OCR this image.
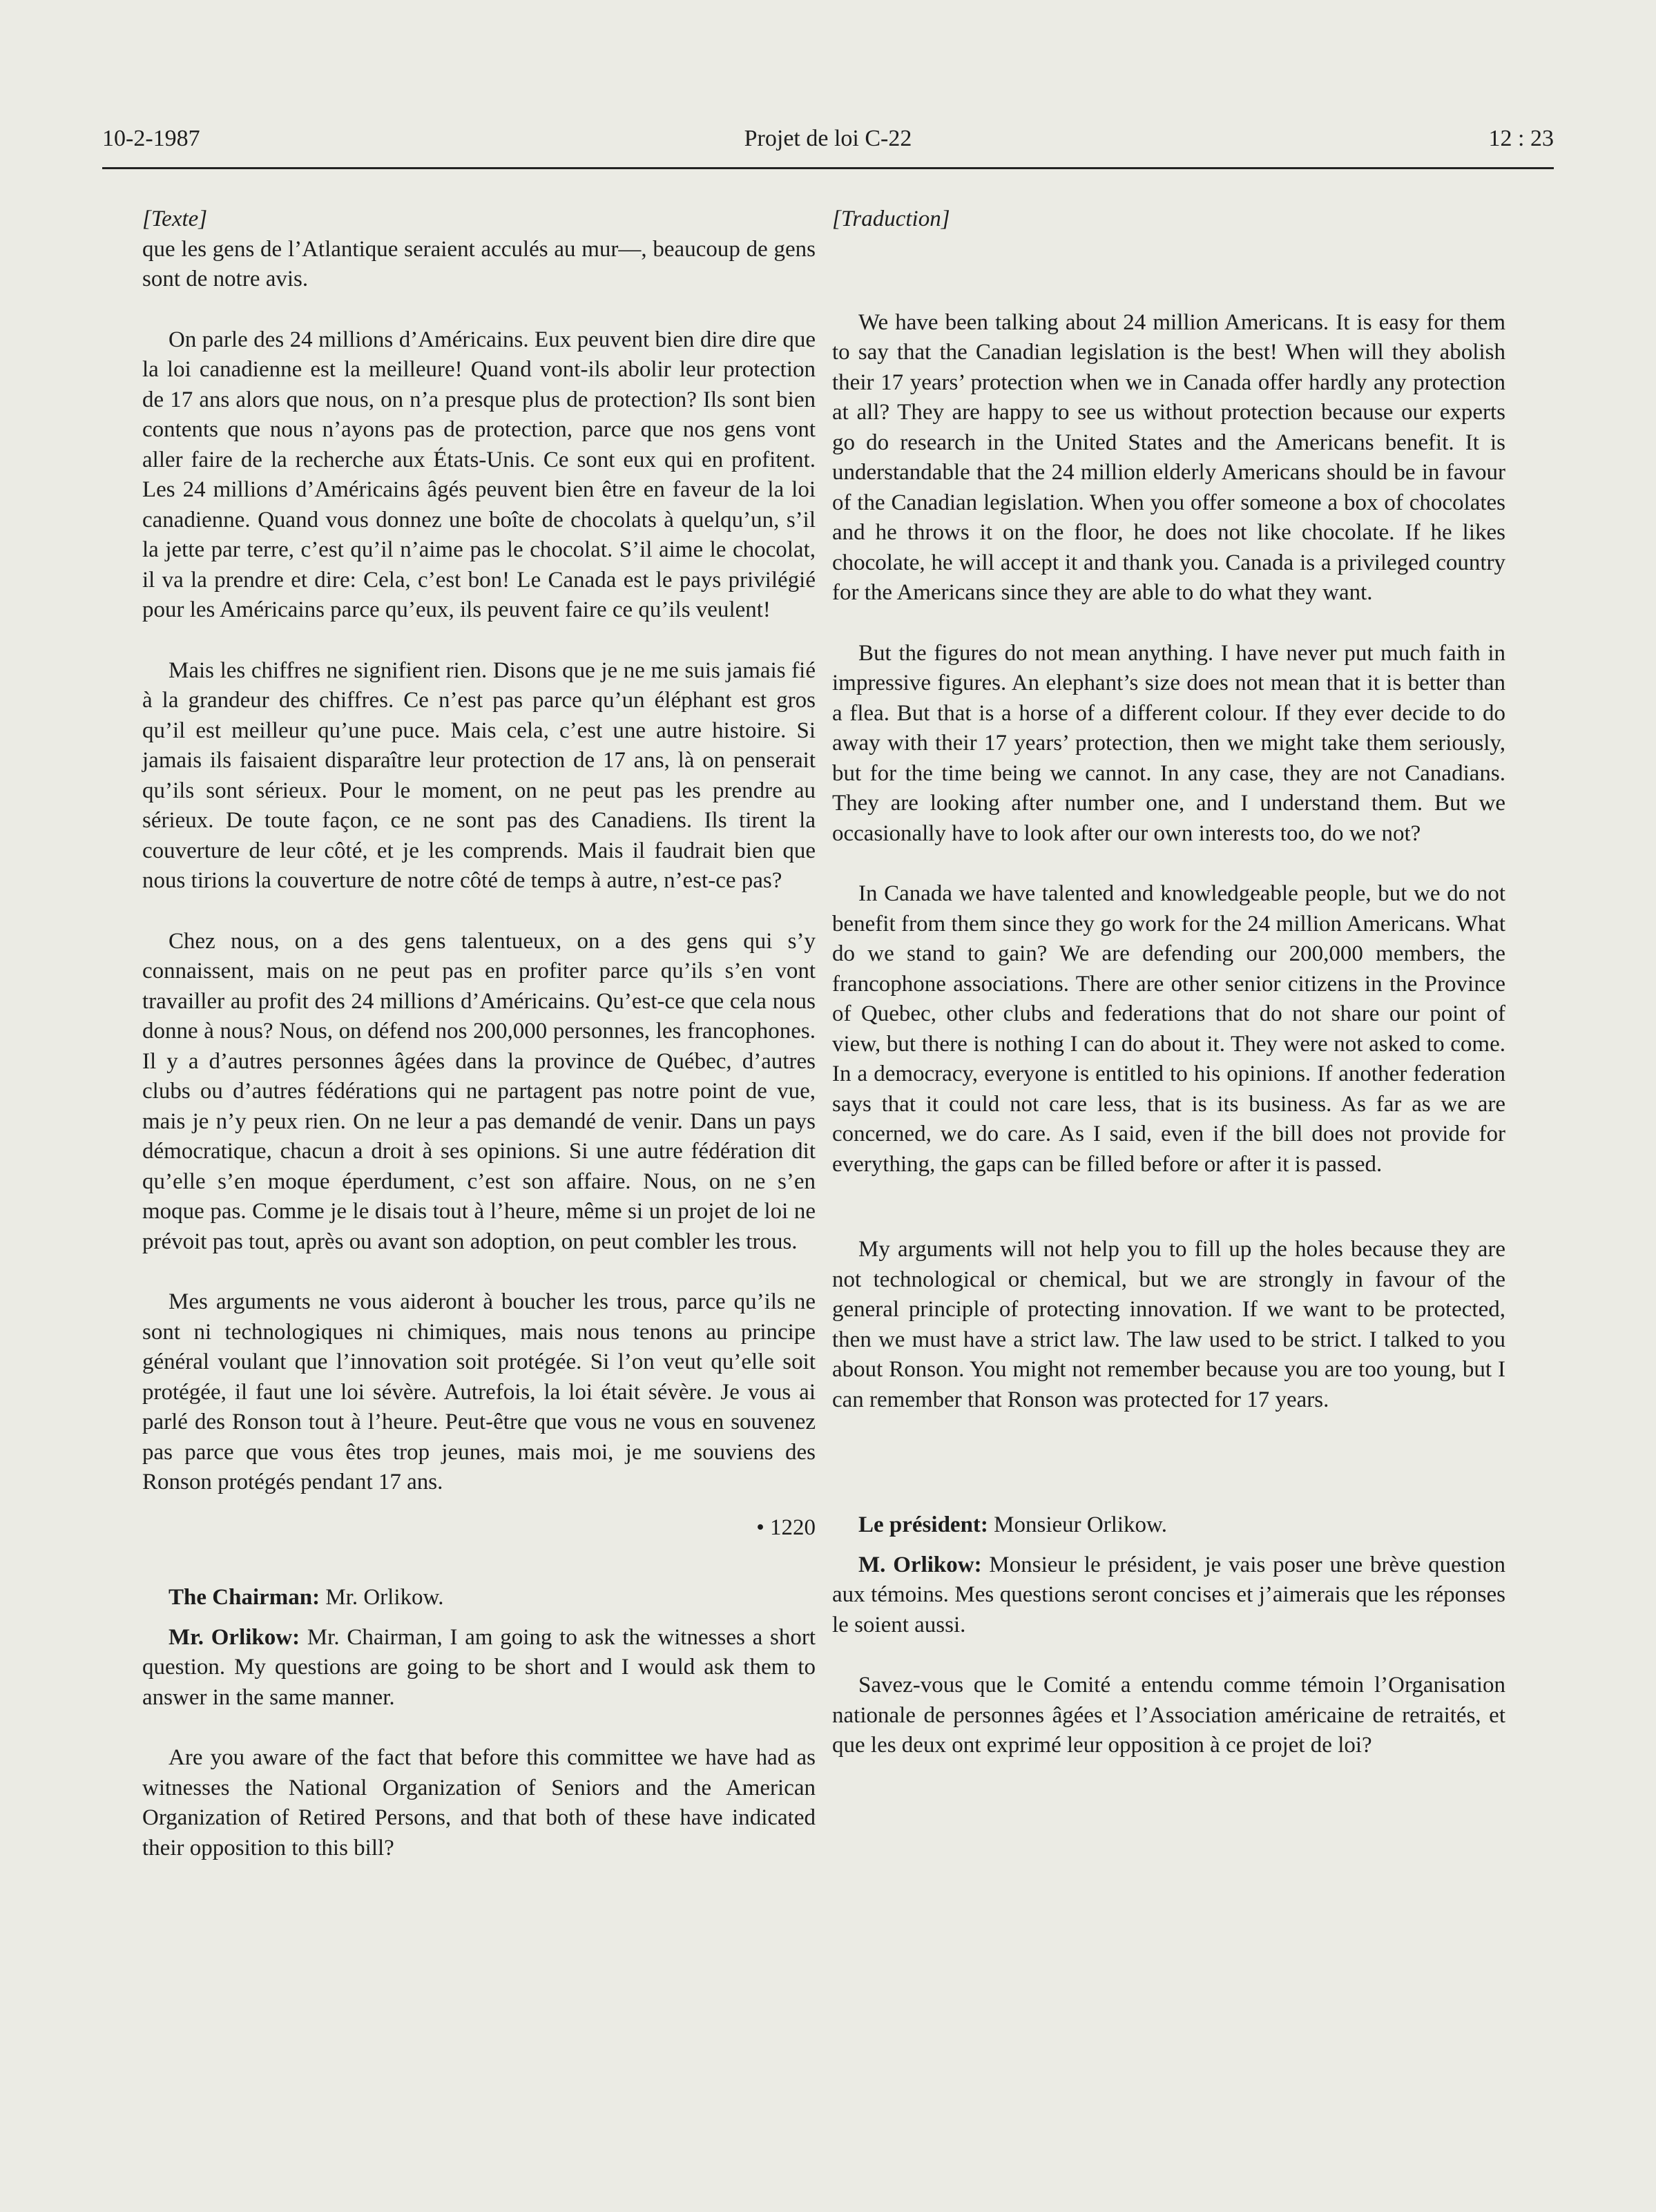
10-2-1987	Projet de loi C-22	12 : 23
[Texte]

que les gens de l’Atlantique seraient acculés au mur—, beaucoup de gens sont de notre avis.

On parle des 24 millions d’Américains. Eux peuvent bien dire dire que la loi canadienne est la meilleure! Quand vont-ils abolir leur protection de 17 ans alors que nous, on n’a presque plus de protection? Ils sont bien contents que nous n’ayons pas de protection, parce que nos gens vont aller faire de la recherche aux États-Unis. Ce sont eux qui en profitent. Les 24 millions d’Américains âgés peuvent bien être en faveur de la loi canadienne. Quand vous donnez une boîte de chocolats à quelqu’un, s’il la jette par terre, c’est qu’il n’aime pas le chocolat. S’il aime le chocolat, il va la prendre et dire: Cela, c’est bon! Le Canada est le pays privilégié pour les Américains parce qu’eux, ils peuvent faire ce qu’ils veulent!

Mais les chiffres ne signifient rien. Disons que je ne me suis jamais fié à la grandeur des chiffres. Ce n’est pas parce qu’un éléphant est gros qu’il est meilleur qu’une puce. Mais cela, c’est une autre histoire. Si jamais ils faisaient disparaître leur protection de 17 ans, là on penserait qu’ils sont sérieux. Pour le moment, on ne peut pas les prendre au sérieux. De toute façon, ce ne sont pas des Canadiens. Ils tirent la couverture de leur côté, et je les comprends. Mais il faudrait bien que nous tirions la couverture de notre côté de temps à autre, n’est-ce pas?

Chez nous, on a des gens talentueux, on a des gens qui s’y connaissent, mais on ne peut pas en profiter parce qu’ils s’en vont travailler au profit des 24 millions d’Américains. Qu’est-ce que cela nous donne à nous? Nous, on défend nos 200,000 personnes, les francophones. Il y a d’autres personnes âgées dans la province de Québec, d’autres clubs ou d’autres fédérations qui ne partagent pas notre point de vue, mais je n’y peux rien. On ne leur a pas demandé de venir. Dans un pays démocratique, chacun a droit à ses opinions. Si une autre fédération dit qu’elle s’en moque éperdument, c’est son affaire. Nous, on ne s’en moque pas. Comme je le disais tout à l’heure, même si un projet de loi ne prévoit pas tout, après ou avant son adoption, on peut combler les trous.

Mes arguments ne vous aideront à boucher les trous, parce qu’ils ne sont ni technologiques ni chimiques, mais nous tenons au principe général voulant que l’innovation soit protégée. Si l’on veut qu’elle soit protégée, il faut une loi sévère. Autrefois, la loi était sévère. Je vous ai parlé des Ronson tout à l’heure. Peut-être que vous ne vous en souvenez pas parce que vous êtes trop jeunes, mais moi, je me souviens des Ronson protégés pendant 17 ans.

• 1220

The Chairman: Mr. Orlikow.

Mr. Orlikow: Mr. Chairman, I am going to ask the witnesses a short question. My questions are going to be short and I would ask them to answer in the same manner.

Are you aware of the fact that before this committee we have had as witnesses the National Organization of Seniors and the American Organization of Retired Persons, and that both of these have indicated their opposition to this bill?

[Traduction]

We have been talking about 24 million Americans. It is easy for them to say that the Canadian legislation is the best! When will they abolish their 17 years’ protection when we in Canada offer hardly any protection at all? They are happy to see us without protection because our experts go do research in the United States and the Americans benefit. It is understandable that the 24 million elderly Americans should be in favour of the Canadian legislation. When you offer someone a box of chocolates and he throws it on the floor, he does not like chocolate. If he likes chocolate, he will accept it and thank you. Canada is a privileged country for the Americans since they are able to do what they want.

But the figures do not mean anything. I have never put much faith in impressive figures. An elephant’s size does not mean that it is better than a flea. But that is a horse of a different colour. If they ever decide to do away with their 17 years’ protection, then we might take them seriously, but for the time being we cannot. In any case, they are not Canadians. They are looking after number one, and I understand them. But we occasionally have to look after our own interests too, do we not?

In Canada we have talented and knowledgeable people, but we do not benefit from them since they go work for the 24 million Americans. What do we stand to gain? We are defending our 200,000 members, the francophone associations. There are other senior citizens in the Province of Quebec, other clubs and federations that do not share our point of view, but there is nothing I can do about it. They were not asked to come. In a democracy, everyone is entitled to his opinions. If another federation says that it could not care less, that is its business. As far as we are concerned, we do care. As I said, even if the bill does not provide for everything, the gaps can be filled before or after it is passed.

My arguments will not help you to fill up the holes because they are not technological or chemical, but we are strongly in favour of the general principle of protecting innovation. If we want to be protected, then we must have a strict law. The law used to be strict. I talked to you about Ronson. You might not remember because you are too young, but I can remember that Ronson was protected for 17 years.

Le président: Monsieur Orlikow.

M. Orlikow: Monsieur le président, je vais poser une brève question aux témoins. Mes questions seront concises et j’aimerais que les réponses le soient aussi.

Savez-vous que le Comité a entendu comme témoin l’Organisation nationale de personnes âgées et l’Association américaine de retraités, et que les deux ont exprimé leur opposition à ce projet de loi?
